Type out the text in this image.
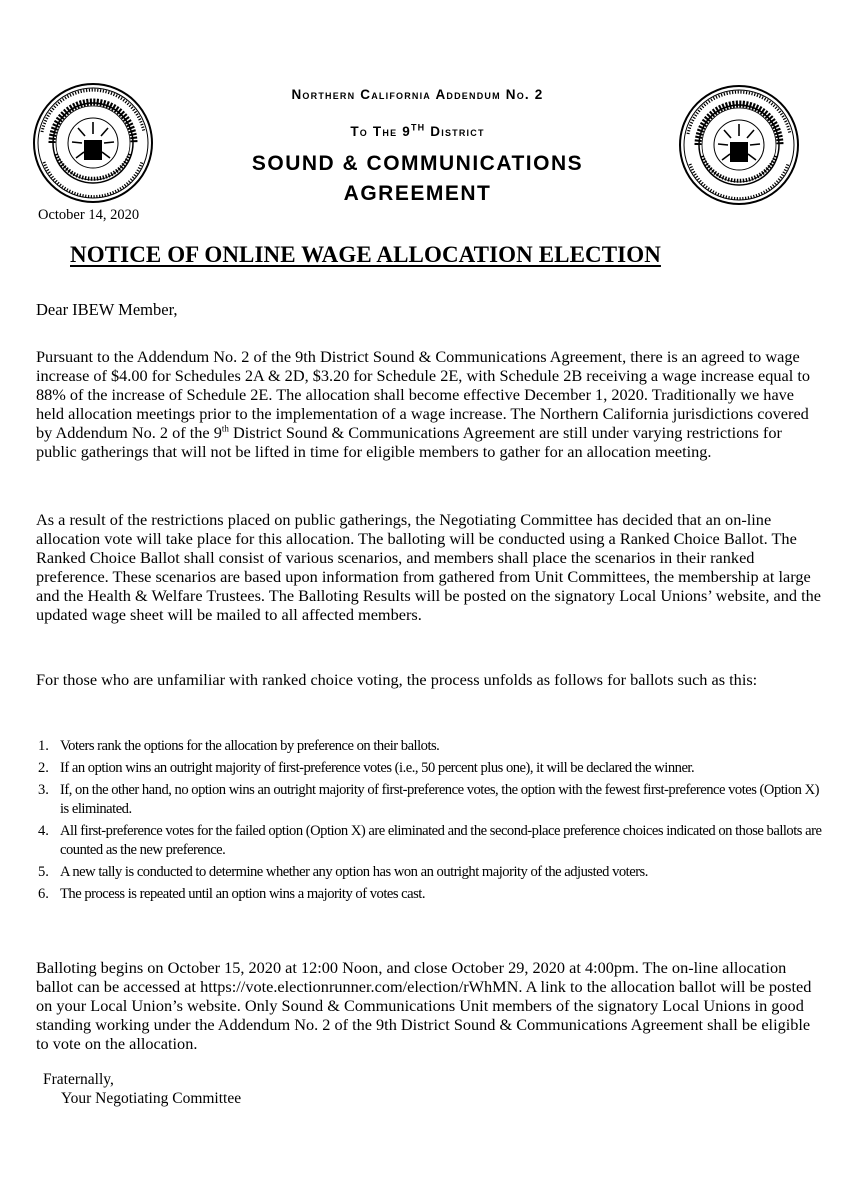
Northern California Addendum No. 2
To The 9TH District
SOUND & COMMUNICATIONS
AGREEMENT
October 14, 2020
NOTICE OF ONLINE WAGE ALLOCATION ELECTION
Dear IBEW Member,

Pursuant to the Addendum No. 2 of the 9th District Sound & Communications Agreement, there is an agreed to wage increase of $4.00 for Schedules 2A & 2D, $3.20 for Schedule 2E, with Schedule 2B receiving a wage increase equal to 88% of the increase of Schedule 2E. The allocation shall become effective December 1, 2020. Traditionally we have held allocation meetings prior to the implementation of a wage increase. The Northern California jurisdictions covered by Addendum No. 2 of the 9th District Sound & Communications Agreement are still under varying restrictions for public gatherings that will not be lifted in time for eligible members to gather for an allocation meeting.

As a result of the restrictions placed on public gatherings, the Negotiating Committee has decided that an on-line allocation vote will take place for this allocation. The balloting will be conducted using a Ranked Choice Ballot. The Ranked Choice Ballot shall consist of various scenarios, and members shall place the scenarios in their ranked preference. These scenarios are based upon information from gathered from Unit Committees, the membership at large and the Health & Welfare Trustees. The Balloting Results will be posted on the signatory Local Unions’ website, and the updated wage sheet will be mailed to all affected members.

For those who are unfamiliar with ranked choice voting, the process unfolds as follows for ballots such as this:

1. Voters rank the options for the allocation by preference on their ballots.
2. If an option wins an outright majority of first-preference votes (i.e., 50 percent plus one), it will be declared the winner.
3. If, on the other hand, no option wins an outright majority of first-preference votes, the option with the fewest first-preference votes (Option X) is eliminated.
4. All first-preference votes for the failed option (Option X) are eliminated and the second-place preference choices indicated on those ballots are counted as the new preference.
5. A new tally is conducted to determine whether any option has won an outright majority of the adjusted voters.
6. The process is repeated until an option wins a majority of votes cast.

Balloting begins on October 15, 2020 at 12:00 Noon, and close October 29, 2020 at 4:00pm. The on-line allocation ballot can be accessed at https://vote.electionrunner.com/election/rWhMN. A link to the allocation ballot will be posted on your Local Union’s website. Only Sound & Communications Unit members of the signatory Local Unions in good standing working under the Addendum No. 2 of the 9th District Sound & Communications Agreement shall be eligible to vote on the allocation.

Fraternally,
Your Negotiating Committee
